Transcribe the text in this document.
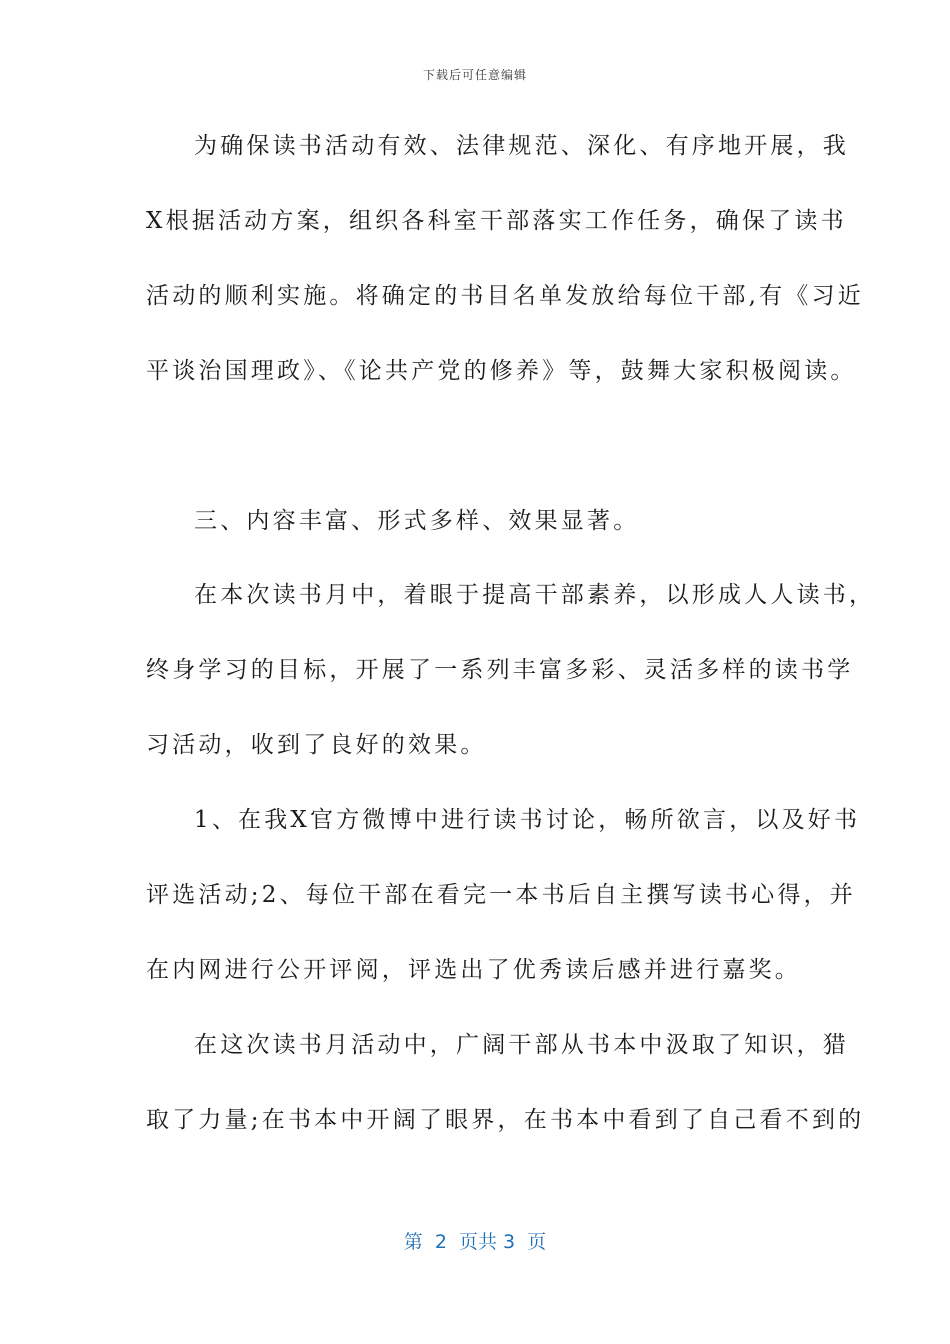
下载后可任意编辑
为确保读书活动有效、法律规范、深化、有序地开展，我
X根据活动方案，组织各科室干部落实工作任务，确保了读书
活动的顺利实施。将确定的书目名单发放给每位干部,有《习近
平谈治国理政》、《论共产党的修养》等，鼓舞大家积极阅读。
三、内容丰富、形式多样、效果显著。
在本次读书月中，着眼于提高干部素养，以形成人人读书，
终身学习的目标，开展了一系列丰富多彩、灵活多样的读书学
习活动，收到了良好的效果。
1、在我X官方微博中进行读书讨论，畅所欲言，以及好书
评选活动;2、每位干部在看完一本书后自主撰写读书心得，并
在内网进行公开评阅，评选出了优秀读后感并进行嘉奖。
在这次读书月活动中，广阔干部从书本中汲取了知识，猎
取了力量;在书本中开阔了眼界，在书本中看到了自己看不到的
第  2  页共 3  页
